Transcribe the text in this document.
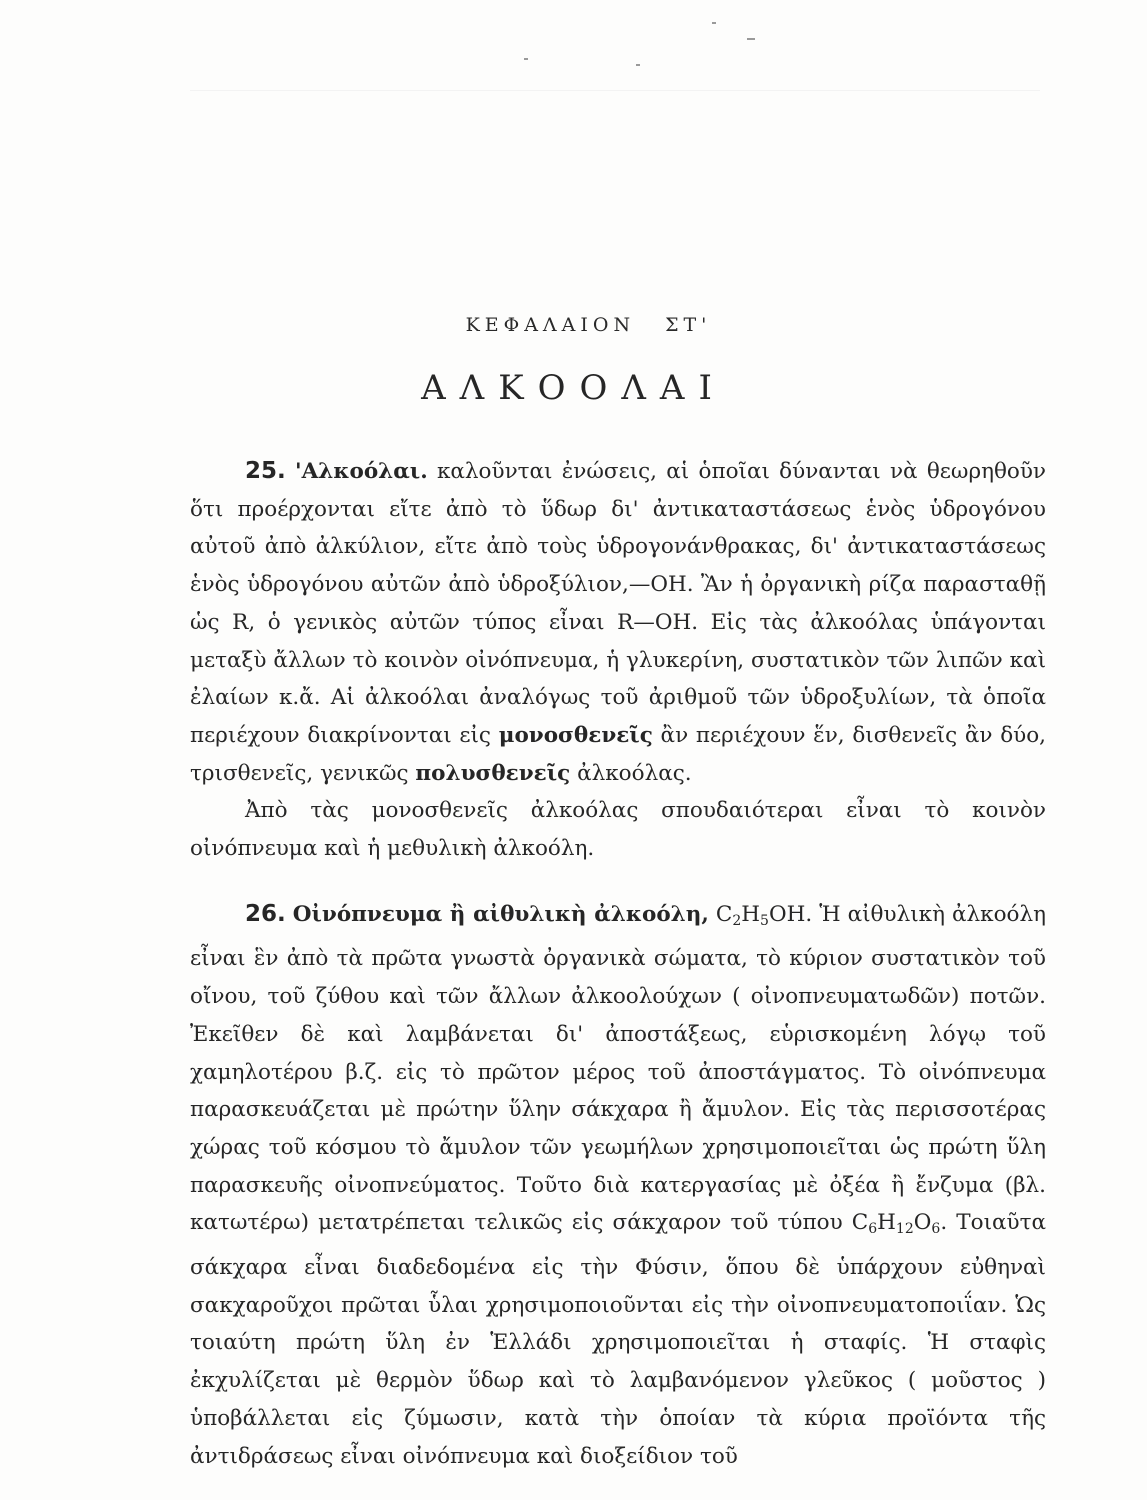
ΚΕΦΑΛΑΙΟΝ ΣΤ'
ΑΛΚΟΟΛΑΙ

25. 'Αλκοόλαι. καλοῦνται ἐνώσεις, αἱ ὁποῖαι δύνανται νὰ θεωρηθοῦν ὅτι προέρχονται εἴτε ἀπὸ τὸ ὕδωρ δι' ἀντικαταστάσεως ἑνὸς ὑδρογόνου αὐτοῦ ἀπὸ ἀλκύλιον, εἴτε ἀπὸ τοὺς ὑδρογονάνθρακας, δι' ἀντικαταστάσεως ἑνὸς ὑδρογόνου αὐτῶν ἀπὸ ὑδροξύλιον,—OH. Ἂν ἡ ὀργανικὴ ρίζα παρασταθῇ ὡς R, ὁ γενικὸς αὐτῶν τύπος εἶναι R—OH. Εἰς τὰς ἀλκοόλας ὑπάγονται μεταξὺ ἄλλων τὸ κοινὸν οἰνόπνευμα, ἡ γλυκερίνη, συστατικὸν τῶν λιπῶν καὶ ἐλαίων κ.ἄ. Αἱ ἀλκοόλαι ἀναλόγως τοῦ ἀριθμοῦ τῶν ὑδροξυλίων, τὰ ὁποῖα περιέχουν διακρίνονται εἰς μονοσθενεῖς ἂν περιέχουν ἕν, δισθενεῖς ἂν δύο, τρισθενεῖς, γενικῶς πολυσθενεῖς ἀλκοόλας.

Ἀπὸ τὰς μονοσθενεῖς ἀλκοόλας σπουδαιότεραι εἶναι τὸ κοινὸν οἰνόπνευμα καὶ ἡ μεθυλικὴ ἀλκοόλη.

26. Οἰνόπνευμα ἢ αἰθυλικὴ ἀλκοόλη, $C_2H_5OH$. Ἡ αἰθυλικὴ ἀλκοόλη εἶναι ἓν ἀπὸ τὰ πρῶτα γνωστὰ ὀργανικὰ σώματα, τὸ κύριον συστατικὸν τοῦ οἴνου, τοῦ ζύθου καὶ τῶν ἄλλων ἀλκοολούχων ( οἰνοπνευματωδῶν) ποτῶν. Ἐκεῖθεν δὲ καὶ λαμβάνεται δι' ἀποστάξεως, εὑρισκομένη λόγῳ τοῦ χαμηλοτέρου β.ζ. εἰς τὸ πρῶτον μέρος τοῦ ἀποστάγματος. Τὸ οἰνόπνευμα παρασκευάζεται μὲ πρώτην ὕλην σάκχαρα ἢ ἄμυλον. Εἰς τὰς περισσοτέρας χώρας τοῦ κόσμου τὸ ἄμυλον τῶν γεωμήλων χρησιμοποιεῖται ὡς πρώτη ὕλη παρασκευῆς οἰνοπνεύματος. Τοῦτο διὰ κατεργασίας μὲ ὀξέα ἢ ἔνζυμα (βλ. κατωτέρω) μετατρέπεται τελικῶς εἰς σάκχαρον τοῦ τύπου $C_6H_{12}O_6$. Τοιαῦτα σάκχαρα εἶναι διαδεδομένα εἰς τὴν Φύσιν, ὅπου δὲ ὑπάρχουν εὐθηναὶ σακχαροῦχοι πρῶται ὗλαι χρησιμοποιοῦνται εἰς τὴν οἰνοπνευματοποιΐαν. Ὡς τοιαύτη πρώτη ὕλη ἐν Ἑλλάδι χρησιμοποιεῖται ἡ σταφίς. Ἡ σταφὶς ἐκχυλίζεται μὲ θερμὸν ὕδωρ καὶ τὸ λαμβανόμενον γλεῦκος ( μοῦστος ) ὑποβάλλεται εἰς ζύμωσιν, κατὰ τὴν ὁποίαν τὰ κύρια προϊόντα τῆς ἀντιδράσεως εἶναι οἰνόπνευμα καὶ διοξείδιον τοῦ
